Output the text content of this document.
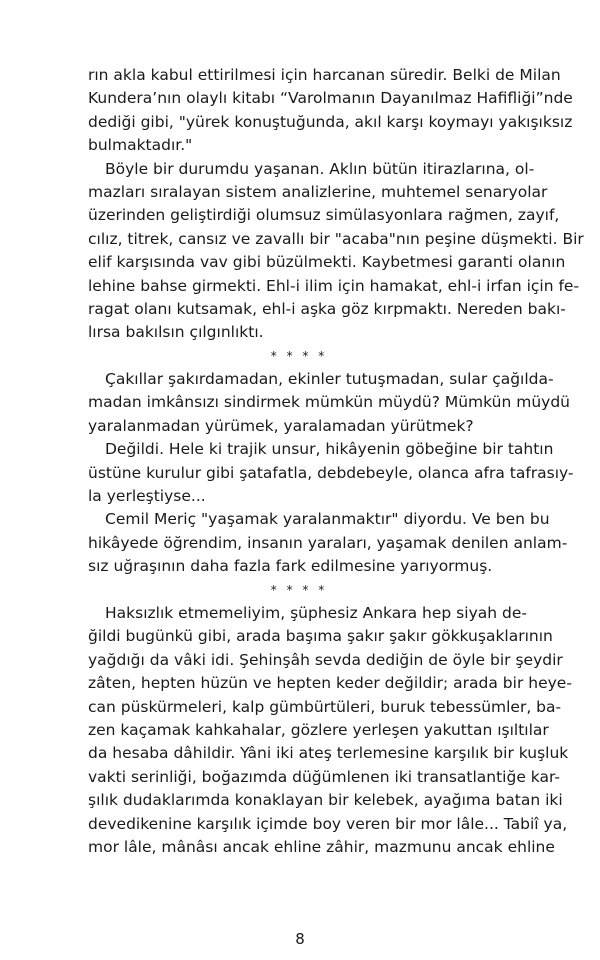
rın akla kabul ettirilmesi için harcanan süredir. Belki de Milan
Kundera’nın olaylı kitabı “Varolmanın Dayanılmaz Hafifliği”nde
dediği gibi, "yürek konuştuğunda, akıl karşı koymayı yakışıksız
bulmaktadır."
Böyle bir durumdu yaşanan. Aklın bütün itirazlarına, ol-
mazları sıralayan sistem analizlerine, muhtemel senaryolar
üzerinden geliştirdiği olumsuz simülasyonlara rağmen, zayıf,
cılız, titrek, cansız ve zavallı bir "acaba"nın peşine düşmekti. Bir
elif karşısında vav gibi büzülmekti. Kaybetmesi garanti olanın
lehine bahse girmekti. Ehl-i ilim için hamakat, ehl-i irfan için fe-
ragat olanı kutsamak, ehl-i aşka göz kırpmaktı. Nereden bakı-
lırsa bakılsın çılgınlıktı.
* * * *
Çakıllar şakırdamadan, ekinler tutuşmadan, sular çağılda-
madan imkânsızı sindirmek mümkün müydü? Mümkün müydü
yaralanmadan yürümek, yaralamadan yürütmek?
Değildi. Hele ki trajik unsur, hikâyenin göbeğine bir tahtın
üstüne kurulur gibi şatafatla, debdebeyle, olanca afra tafrasıy-
la yerleştiyse...
Cemil Meriç "yaşamak yaralanmaktır" diyordu. Ve ben bu
hikâyede öğrendim, insanın yaraları, yaşamak denilen anlam-
sız uğraşının daha fazla fark edilmesine yarıyormuş.
* * * *
Haksızlık etmemeliyim, şüphesiz Ankara hep siyah de-
ğildi bugünkü gibi, arada başıma şakır şakır gökkuşaklarının
yağdığı da vâki idi. Şehinşâh sevda dediğin de öyle bir şeydir
zâten, hepten hüzün ve hepten keder değildir; arada bir heye-
can püskürmeleri, kalp gümbürtüleri, buruk tebessümler, ba-
zen kaçamak kahkahalar, gözlere yerleşen yakuttan ışıltılar
da hesaba dâhildir. Yâni iki ateş terlemesine karşılık bir kuşluk
vakti serinliği, boğazımda düğümlenen iki transatlantiğe kar-
şılık dudaklarımda konaklayan bir kelebek, ayağıma batan iki
devedikenine karşılık içimde boy veren bir mor lâle... Tabiî ya,
mor lâle, mânâsı ancak ehline zâhir, mazmunu ancak ehline
8
